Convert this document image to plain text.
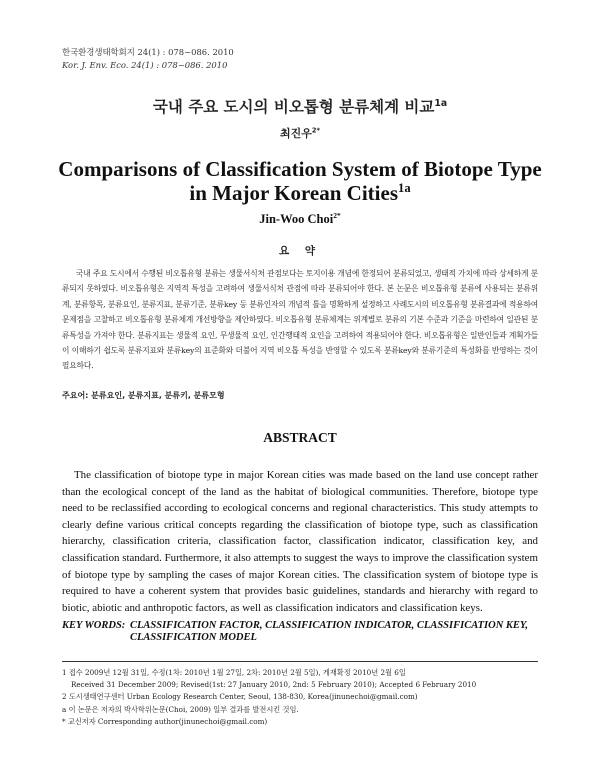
한국환경생태학회지 24(1) : 078~086. 2010
Kor. J. Env. Eco. 24(1) : 078~086. 2010
국내 주요 도시의 비오톱형 분류체계 비교$^{1a}$
최진우$^{2*}$
Comparisons of Classification System of Biotope Type
in Major Korean Cities$^{1a}$
Jin-Woo Choi$^{2*}$
요 약
국내 주요 도시에서 수행된 비오톱유형 분류는 생물서식처 관점보다는 토지이용 개념에 한정되어 분류되었고, 생태적 가치에 따라 상세하게 분류되지 못하였다. 비오톱유형은 지역적 특성을 고려하여 생물서식처 관점에 따라 분류되어야 한다. 본 논문은 비오톱유형 분류에 사용되는 분류위계, 분류항목, 분류요인, 분류지표, 분류기준, 분류key 등 분류인자의 개념적 틀을 명확하게 설정하고 사례도시의 비오톱유형 분류결과에 적용하여 문제점을 고찰하고 비오톱유형 분류체계 개선방향을 제안하였다. 비오톱유형 분류체계는 위계별로 분류의 기본 수준과 기준을 마련하여 일관된 분류특성을 가져야 한다. 분류지표는 생물적 요인, 무생물적 요인, 인간행태적 요인을 고려하여 적용되어야 한다. 비오톱유형은 일반인들과 계획가들이 이해하기 쉽도록 분류지표와 분류key의 표준화와 더불어 지역 비오톱 특성을 반영할 수 있도록 분류key와 분류기준의 특성화를 반영하는 것이 필요하다.
주요어: 분류요인, 분류지표, 분류키, 분류모형
ABSTRACT
The classification of biotope type in major Korean cities was made based on the land use concept rather than the ecological concept of the land as the habitat of biological communities. Therefore, biotope type need to be reclassified according to ecological concerns and regional characteristics. This study attempts to clearly define various critical concepts regarding the classification of biotope type, such as classification hierarchy, classification criteria, classification factor, classification indicator, classification key, and classification standard. Furthermore, it also attempts to suggest the ways to improve the classification system of biotope type by sampling the cases of major Korean cities. The classification system of biotope type is required to have a coherent system that provides basic guidelines, standards and hierarchy with regard to biotic, abiotic and anthropotic factors, as well as classification indicators and classification keys.
KEY WORDS: CLASSIFICATION FACTOR, CLASSIFICATION INDICATOR, CLASSIFICATION KEY, CLASSIFICATION MODEL
1 접수 2009년 12월 31일, 수정(1차: 2010년 1월 27일, 2차: 2010년 2월 5일), 게재확정 2010년 2월 6일
Received 31 December 2009; Revised(1st: 27 January 2010, 2nd: 5 February 2010); Accepted 6 February 2010
2 도시생태연구센터 Urban Ecology Research Center, Seoul, 138-830, Korea(jinunechoi@gmail.com)
a 이 논문은 저자의 박사학위논문(Choi, 2009) 일부 결과를 발전시킨 것임.
* 교신저자 Corresponding author(jinunechoi@gmail.com)
